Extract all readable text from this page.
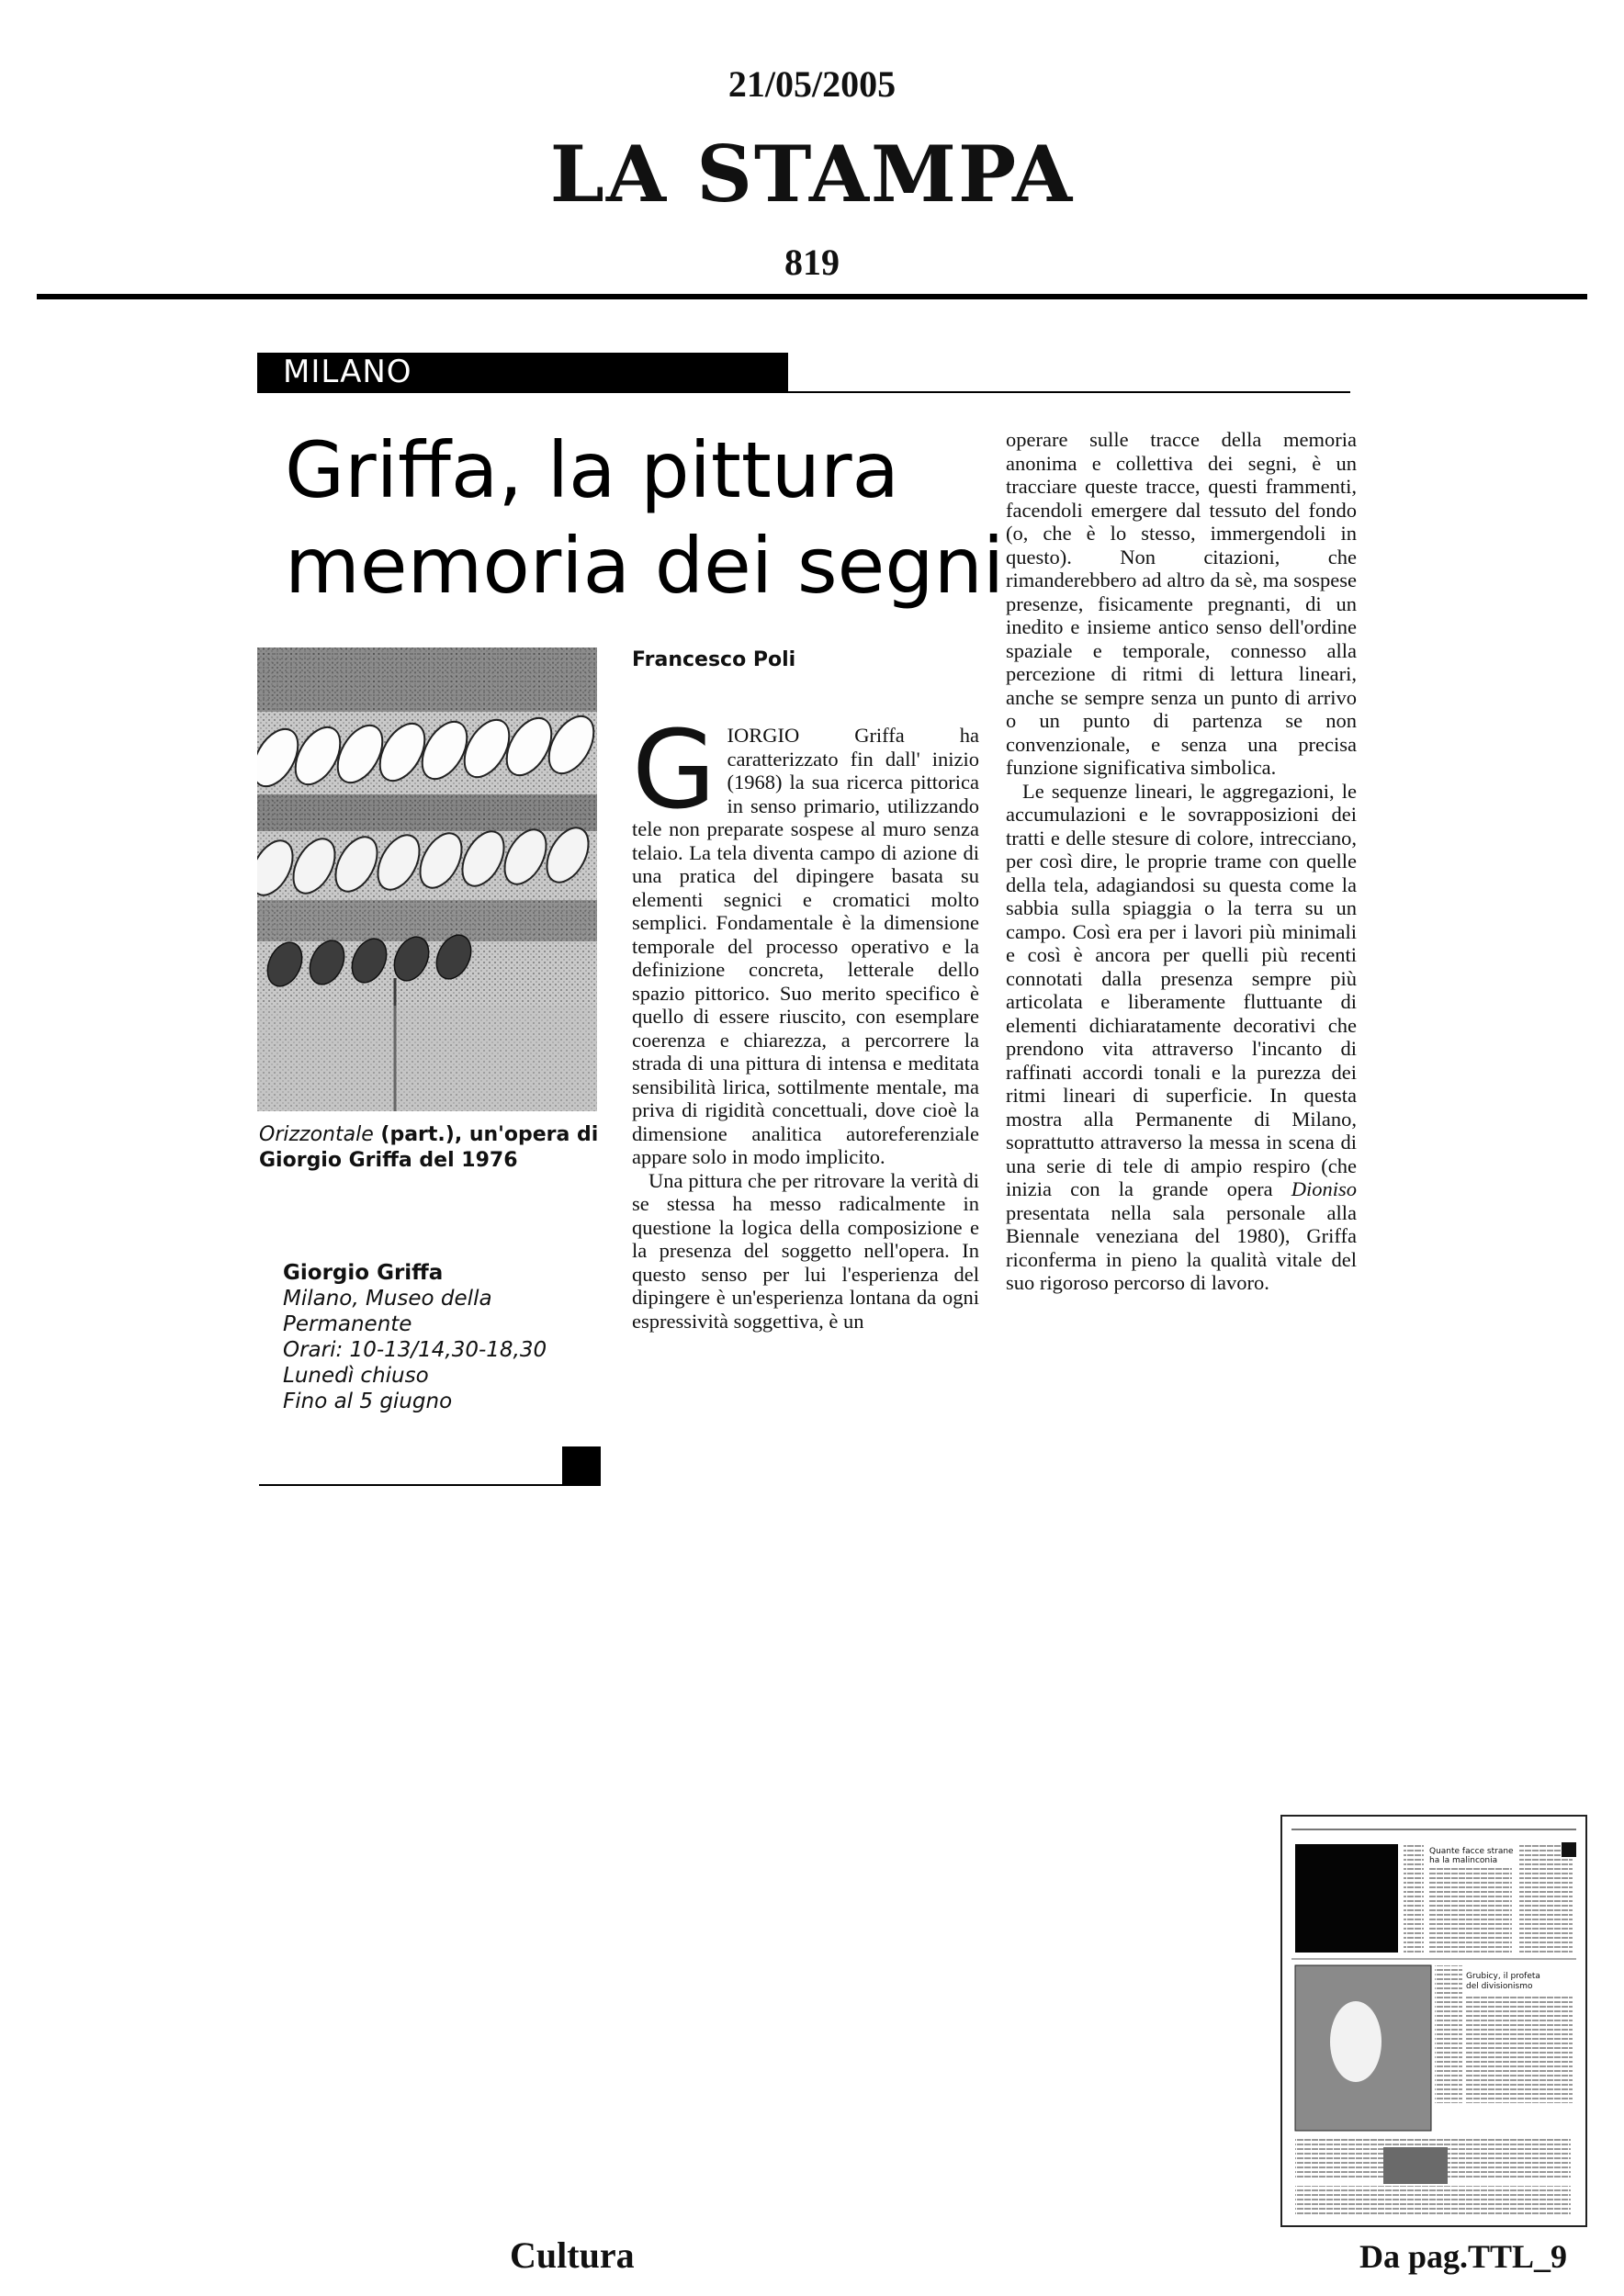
21/05/2005
LA STAMPA
819
MILANO
Griffa, la pittura
memoria dei segni
Orizzontale (part.), un'opera di Giorgio Griffa del 1976
Giorgio Griffa
Milano, Museo della
Permanente
Orari: 10-13/14,30-18,30
Lunedì chiuso
Fino al 5 giugno
Francesco Poli

GIORGIO Griffa ha caratterizzato fin dall' inizio (1968) la sua ricerca pittorica in senso primario, utilizzando tele non preparate sospese al muro senza telaio. La tela diventa campo di azione di una pratica del dipingere basata su elementi segnici e cromatici molto semplici. Fondamentale è la dimensione temporale del processo operativo e la definizione concreta, letterale dello spazio pittorico. Suo merito specifico è quello di essere riuscito, con esemplare coerenza e chiarezza, a percorrere la strada di una pittura di intensa e meditata sensibilità lirica, sottilmente mentale, ma priva di rigidità concettuali, dove cioè la dimensione analitica autoreferenziale appare solo in modo implicito.

Una pittura che per ritrovare la verità di se stessa ha messo radicalmente in questione la logica della composizione e la presenza del soggetto nell'opera. In questo senso per lui l'esperienza del dipingere è un'esperienza lontana da ogni espressività soggettiva, è un

operare sulle tracce della memoria anonima e collettiva dei segni, è un tracciare queste tracce, questi frammenti, facendoli emergere dal tessuto del fondo (o, che è lo stesso, immergendoli in questo). Non citazioni, che rimanderebbero ad altro da sè, ma sospese presenze, fisicamente pregnanti, di un inedito e insieme antico senso dell'ordine spaziale e temporale, connesso alla percezione di ritmi di lettura lineari, anche se sempre senza un punto di arrivo o un punto di partenza se non convenzionale, e senza una precisa funzione significativa simbolica.

Le sequenze lineari, le aggregazioni, le accumulazioni e le sovrapposizioni dei tratti e delle stesure di colore, intrecciano, per così dire, le proprie trame con quelle della tela, adagiandosi su questa come la sabbia sulla spiaggia o la terra su un campo. Così era per i lavori più minimali e così è ancora per quelli più recenti connotati dalla presenza sempre più articolata e liberamente fluttuante di elementi dichiaratamente decorativi che prendono vita attraverso l'incanto di raffinati accordi tonali e la purezza dei ritmi lineari di superficie. In questa mostra alla Permanente di Milano, soprattutto attraverso la messa in scena di una serie di tele di ampio respiro (che inizia con la grande opera Dioniso presentata nella sala personale alla Biennale veneziana del 1980), Griffa riconferma in pieno la qualità vitale del suo rigoroso percorso di lavoro.

Quante facce strane
ha la malinconia
Grubicy, il profeta
del divisionismo
Cultura	Da pag.TTL_9
